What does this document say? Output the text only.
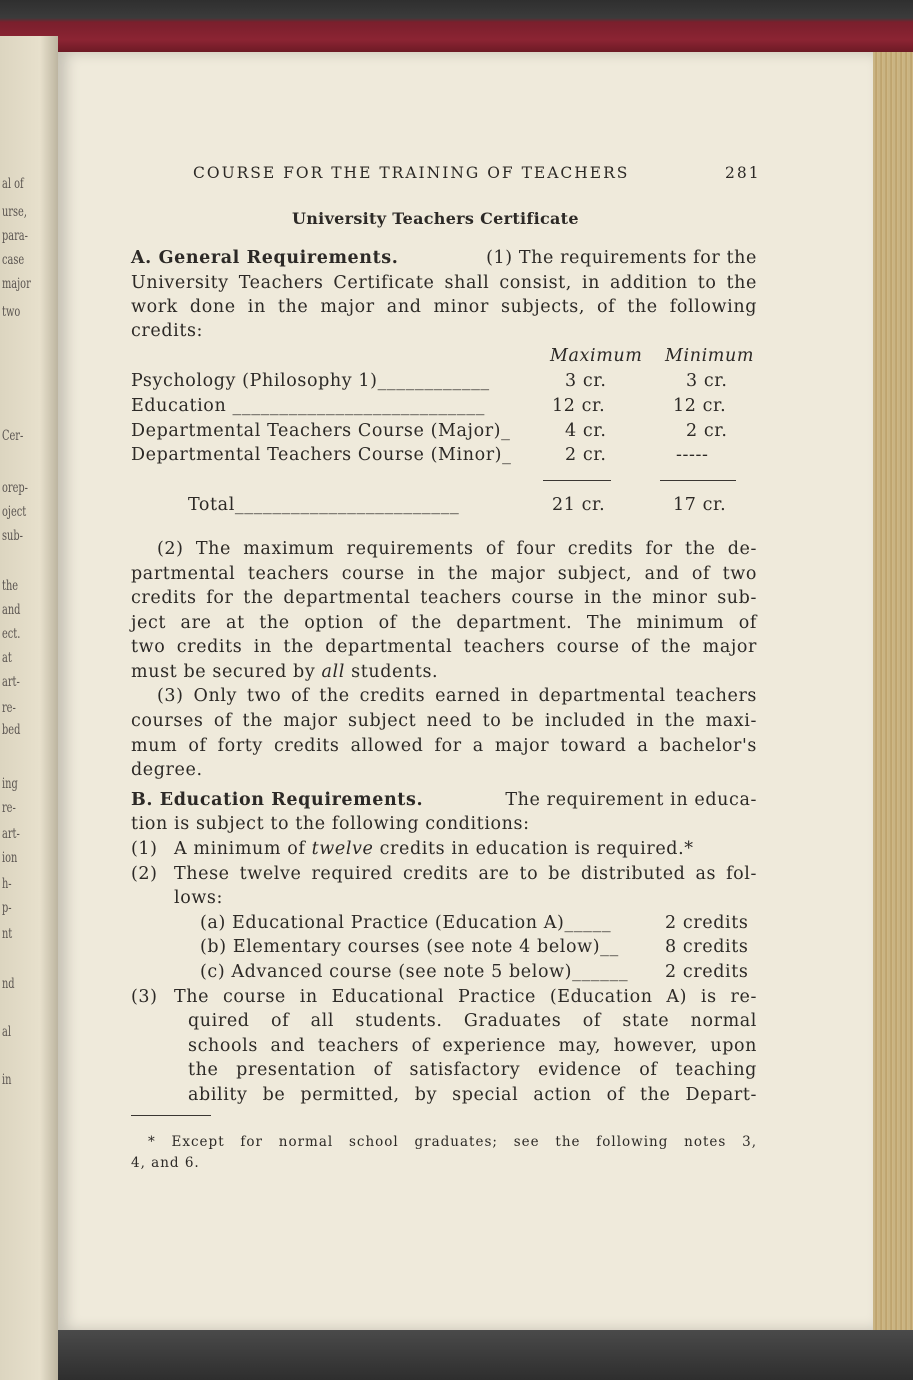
al of
urse,
para-
case
major
two
Cer-
orep-
oject
sub-
the
and
ect.
at
art-
re-
bed
ing
re-
art-
ion
h-
p-
nt
nd
al
in
COURSE FOR THE TRAINING OF TEACHERS	281
University Teachers Certificate
A. General Requirements.	(1) The requirements for the
University Teachers Certificate shall consist, in addition to the
work done in the major and minor subjects, of the following
credits:
Maximum Minimum
Psychology (Philosophy 1)____________	3 cr.	3 cr.
Education ___________________________	12 cr.	12 cr.
Departmental Teachers Course (Major)_	4 cr.	2 cr.
Departmental Teachers Course (Minor)_	2 cr.	-----
Total________________________	21 cr.	17 cr.
(2) The maximum requirements of four credits for the de-
partmental teachers course in the major subject, and of two
credits for the departmental teachers course in the minor sub-
ject are at the option of the department. The minimum of
two credits in the departmental teachers course of the major
must be secured by all students.
(3) Only two of the credits earned in departmental teachers
courses of the major subject need to be included in the maxi-
mum of forty credits allowed for a major toward a bachelor's
degree.
B. Education Requirements.	The requirement in educa-
tion is subject to the following conditions:
(1) A minimum of twelve credits in education is required.*
(2) These twelve required credits are to be distributed as fol-
lows:
(a) Educational Practice (Education A)_____	2 credits
(b) Elementary courses (see note 4 below)__	8 credits
(c) Advanced course (see note 5 below)______ 2 credits
(3) The course in Educational Practice (Education A) is re-
quired of all students. Graduates of state normal
schools and teachers of experience may, however, upon
the presentation of satisfactory evidence of teaching
ability be permitted, by special action of the Depart-
* Except for normal school graduates; see the following notes 3,
4, and 6.
